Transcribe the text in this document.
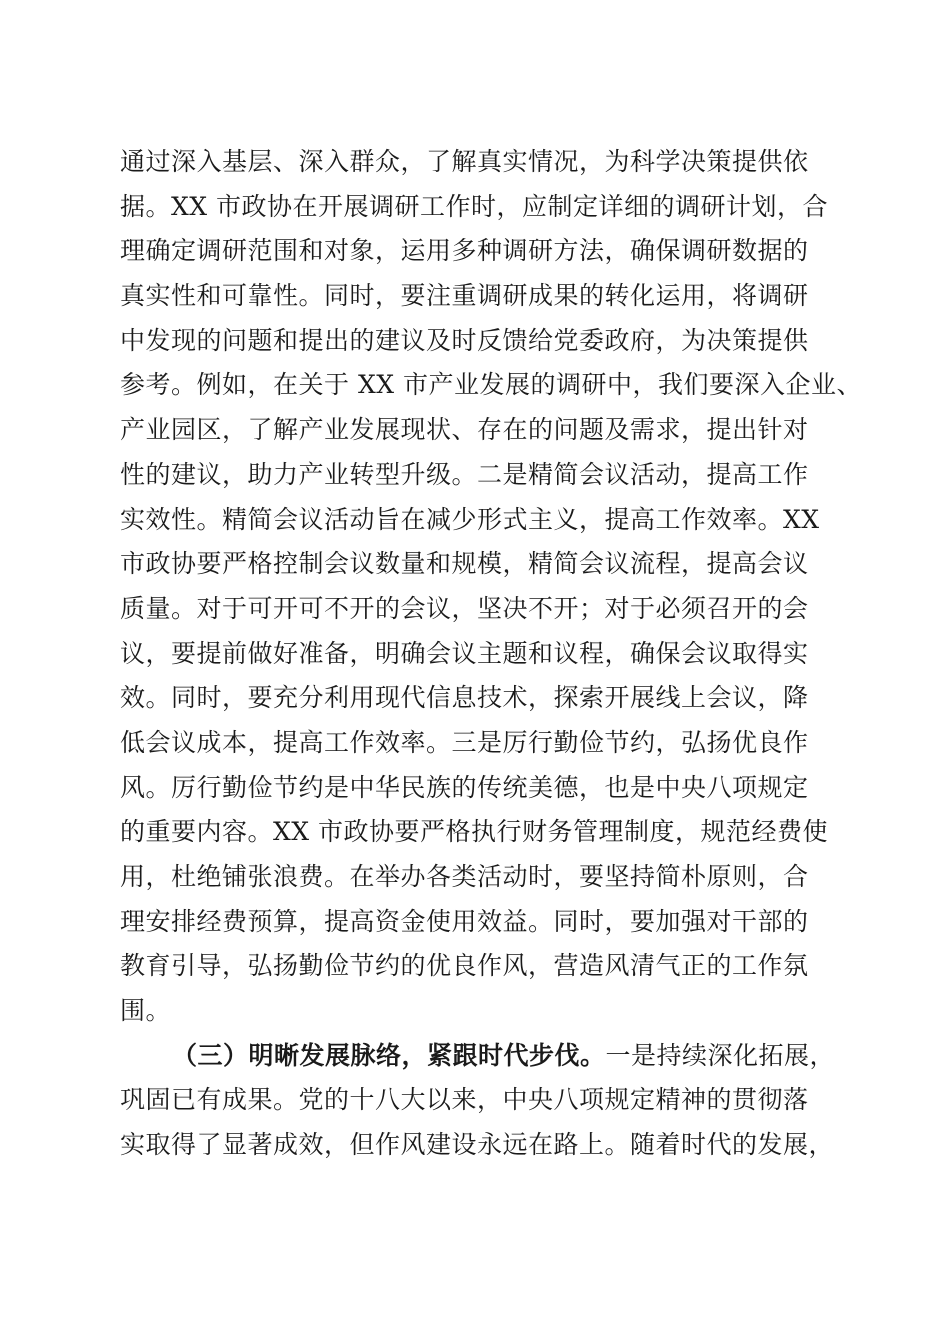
通过深入基层、深入群众，了解真实情况，为科学决策提供依
据。XX 市政协在开展调研工作时，应制定详细的调研计划，合
理确定调研范围和对象，运用多种调研方法，确保调研数据的
真实性和可靠性。同时，要注重调研成果的转化运用，将调研
中发现的问题和提出的建议及时反馈给党委政府，为决策提供
参考。例如，在关于 XX 市产业发展的调研中，我们要深入企业、
产业园区，了解产业发展现状、存在的问题及需求，提出针对
性的建议，助力产业转型升级。二是精简会议活动，提高工作
实效性。精简会议活动旨在减少形式主义，提高工作效率。XX
市政协要严格控制会议数量和规模，精简会议流程，提高会议
质量。对于可开可不开的会议，坚决不开；对于必须召开的会
议，要提前做好准备，明确会议主题和议程，确保会议取得实
效。同时，要充分利用现代信息技术，探索开展线上会议，降
低会议成本，提高工作效率。三是厉行勤俭节约，弘扬优良作
风。厉行勤俭节约是中华民族的传统美德，也是中央八项规定
的重要内容。XX 市政协要严格执行财务管理制度，规范经费使
用，杜绝铺张浪费。在举办各类活动时，要坚持简朴原则，合
理安排经费预算，提高资金使用效益。同时，要加强对干部的
教育引导，弘扬勤俭节约的优良作风，营造风清气正的工作氛
围。
（三）明晰发展脉络，紧跟时代步伐。一是持续深化拓展，
巩固已有成果。党的十八大以来，中央八项规定精神的贯彻落
实取得了显著成效，但作风建设永远在路上。随着时代的发展，
